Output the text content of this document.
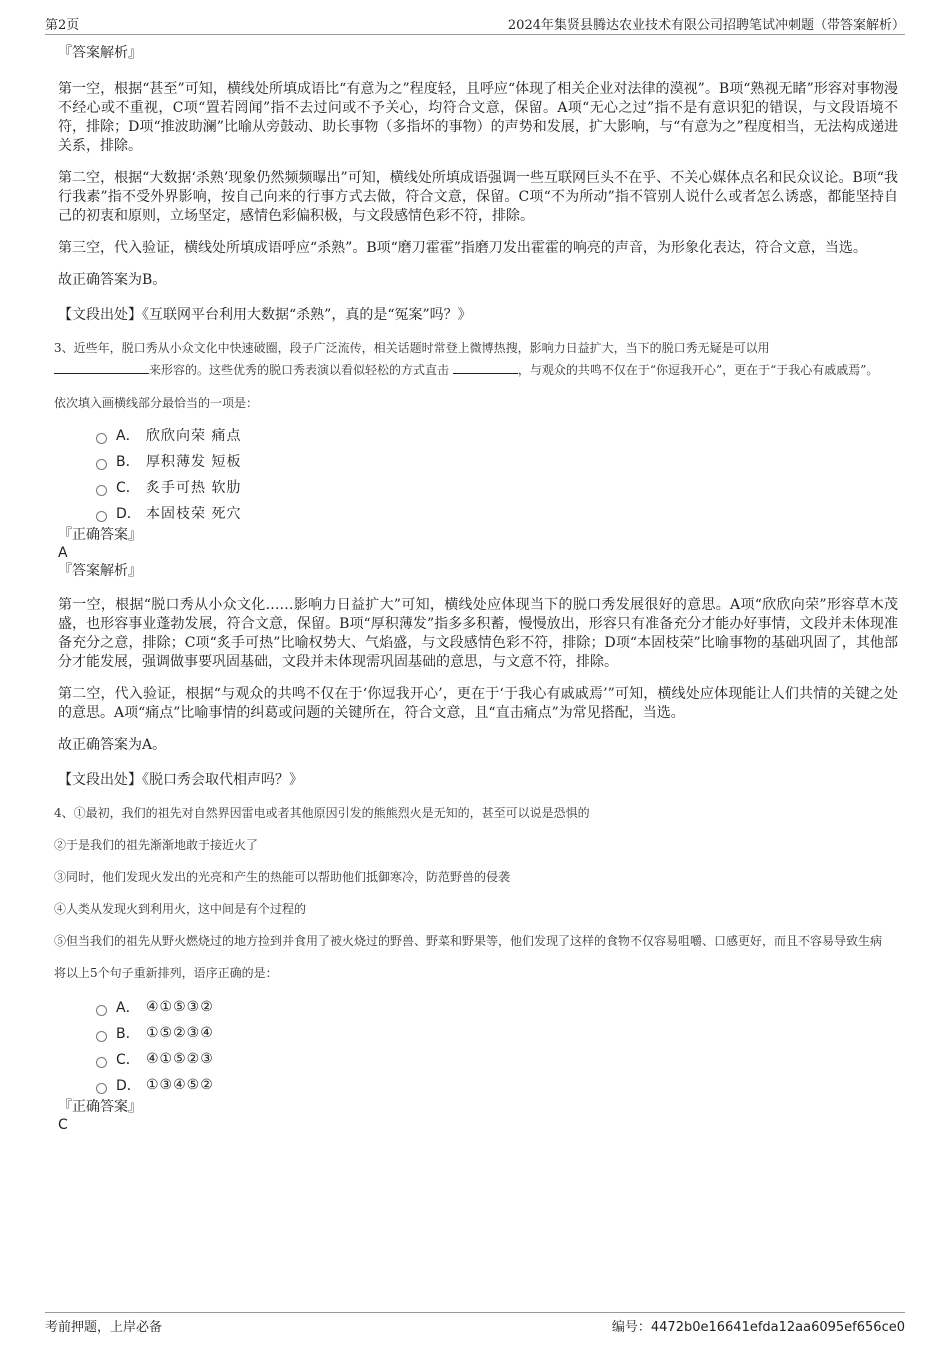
第2页	2024年集贤县腾达农业技术有限公司招聘笔试冲刺题（带答案解析）

『答案解析』

第一空，根据“甚至”可知，横线处所填成语比“有意为之”程度轻，且呼应“体现了相关企业对法律的漠视”。B项“熟视无睹”形容对事物漫不经心或不重视，C项“置若罔闻”指不去过问或不予关心，均符合文意，保留。A项“无心之过”指不是有意识犯的错误，与文段语境不符，排除；D项“推波助澜”比喻从旁鼓动、助长事物（多指坏的事物）的声势和发展，扩大影响，与“有意为之”程度相当，无法构成递进关系，排除。

第二空，根据“大数据‘杀熟’现象仍然频频曝出”可知，横线处所填成语强调一些互联网巨头不在乎、不关心媒体点名和民众议论。B项“我行我素”指不受外界影响，按自己向来的行事方式去做，符合文意，保留。C项“不为所动”指不管别人说什么或者怎么诱惑，都能坚持自己的初衷和原则，立场坚定，感情色彩偏积极，与文段感情色彩不符，排除。

第三空，代入验证，横线处所填成语呼应“杀熟”。B项“磨刀霍霍”指磨刀发出霍霍的响亮的声音，为形象化表达，符合文意，当选。

故正确答案为B。

【文段出处】《互联网平台利用大数据“杀熟”，真的是“冤案”吗？》

3、近些年，脱口秀从小众文化中快速破圈，段子广泛流传，相关话题时常登上微博热搜，影响力日益扩大，当下的脱口秀无疑是可以用
来形容的。这些优秀的脱口秀表演以看似轻松的方式直击	，与观众的共鸣不仅在于“你逗我开心”，更在于“于我心有戚戚焉”。

依次填入画横线部分最恰当的一项是：

A． 欣欣向荣 痛点
B． 厚积薄发 短板
C． 炙手可热 软肋
D． 本固枝荣 死穴

『正确答案』

A

『答案解析』

第一空，根据“脱口秀从小众文化……影响力日益扩大”可知，横线处应体现当下的脱口秀发展很好的意思。A项“欣欣向荣”形容草木茂盛，也形容事业蓬勃发展，符合文意，保留。B项“厚积薄发”指多多积蓄，慢慢放出，形容只有准备充分才能办好事情，文段并未体现准备充分之意，排除；C项“炙手可热”比喻权势大、气焰盛，与文段感情色彩不符，排除；D项“本固枝荣”比喻事物的基础巩固了，其他部分才能发展，强调做事要巩固基础，文段并未体现需巩固基础的意思，与文意不符，排除。

第二空，代入验证，根据“与观众的共鸣不仅在于‘你逗我开心’，更在于‘于我心有戚戚焉’”可知，横线处应体现能让人们共情的关键之处的意思。A项“痛点”比喻事情的纠葛或问题的关键所在，符合文意，且“直击痛点”为常见搭配，当选。

故正确答案为A。

【文段出处】《脱口秀会取代相声吗？》

4、①最初，我们的祖先对自然界因雷电或者其他原因引发的熊熊烈火是无知的，甚至可以说是恐惧的

②于是我们的祖先渐渐地敢于接近火了

③同时，他们发现火发出的光亮和产生的热能可以帮助他们抵御寒冷，防范野兽的侵袭

④人类从发现火到利用火，这中间是有个过程的

⑤但当我们的祖先从野火燃烧过的地方捡到并食用了被火烧过的野兽、野菜和野果等，他们发现了这样的食物不仅容易咀嚼、口感更好，而且不容易导致生病

将以上5个句子重新排列，语序正确的是：

A． ④①⑤③②
B． ①⑤②③④
C． ④①⑤②③
D． ①③④⑤②

『正确答案』

C

考前押题，上岸必备	编号：4472b0e16641efda12aa6095ef656ce0
